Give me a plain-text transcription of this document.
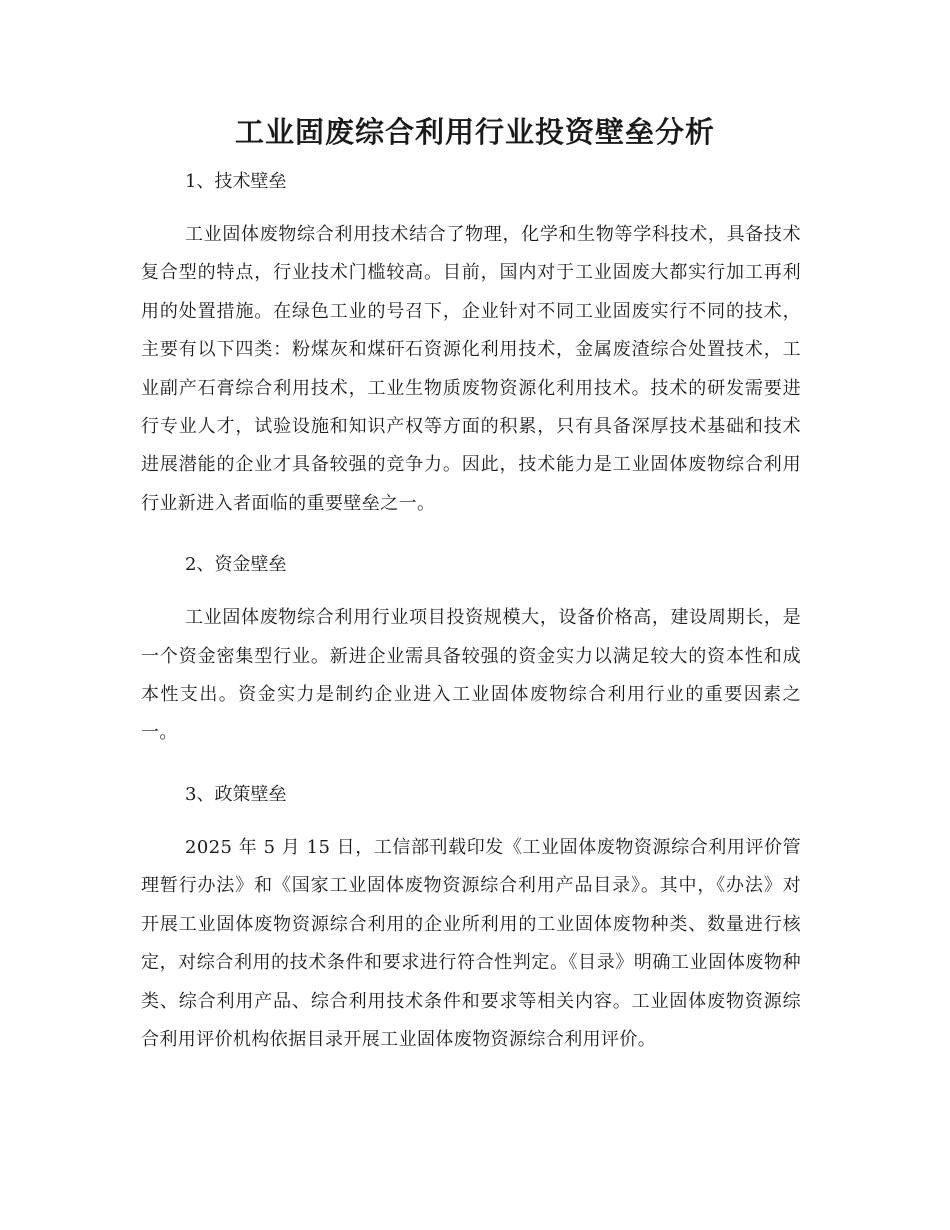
工业固废综合利用行业投资壁垒分析
1、技术壁垒

工业固体废物综合利用技术结合了物理，化学和生物等学科技术，具备技术复合型的特点，行业技术门槛较高。目前，国内对于工业固废大都实行加工再利用的处置措施。在绿色工业的号召下，企业针对不同工业固废实行不同的技术，主要有以下四类：粉煤灰和煤矸石资源化利用技术，金属废渣综合处置技术，工业副产石膏综合利用技术，工业生物质废物资源化利用技术。技术的研发需要进行专业人才，试验设施和知识产权等方面的积累，只有具备深厚技术基础和技术进展潜能的企业才具备较强的竞争力。因此，技术能力是工业固体废物综合利用行业新进入者面临的重要壁垒之一。

2、资金壁垒

工业固体废物综合利用行业项目投资规模大，设备价格高，建设周期长，是一个资金密集型行业。新进企业需具备较强的资金实力以满足较大的资本性和成本性支出。资金实力是制约企业进入工业固体废物综合利用行业的重要因素之一。

3、政策壁垒

2025 年 5 月 15 日，工信部刊载印发《工业固体废物资源综合利用评价管理暂行办法》和《国家工业固体废物资源综合利用产品目录》。其中，《办法》对开展工业固体废物资源综合利用的企业所利用的工业固体废物种类、数量进行核定，对综合利用的技术条件和要求进行符合性判定。《目录》明确工业固体废物种类、综合利用产品、综合利用技术条件和要求等相关内容。工业固体废物资源综合利用评价机构依据目录开展工业固体废物资源综合利用评价。
